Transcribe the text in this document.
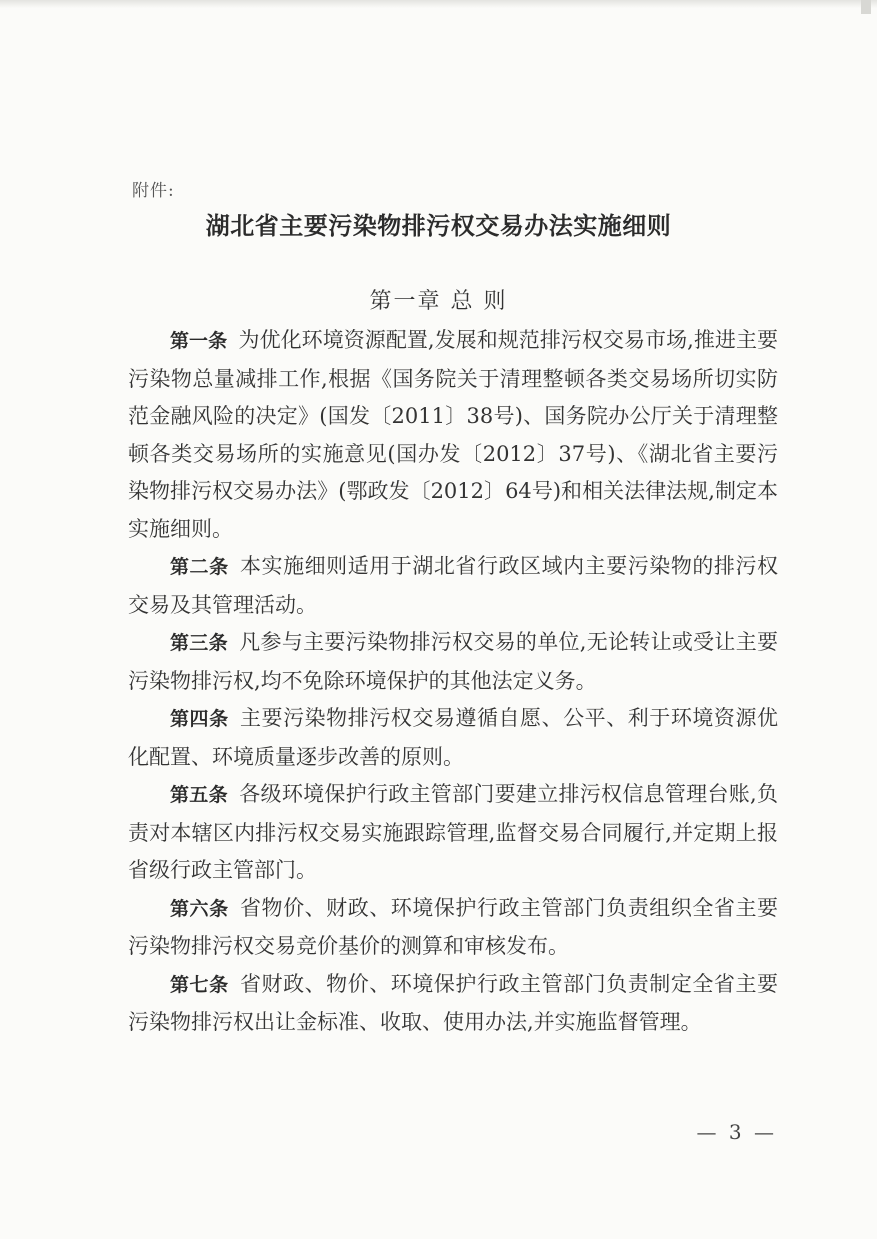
附件:
湖北省主要污染物排污权交易办法实施细则
第一章 总 则

第一条 为优化环境资源配置,发展和规范排污权交易市场,推进主要污染物总量减排工作,根据《国务院关于清理整顿各类交易场所切实防范金融风险的决定》(国发〔2011〕38号)、国务院办公厅关于清理整顿各类交易场所的实施意见(国办发〔2012〕37号)、《湖北省主要污染物排污权交易办法》(鄂政发〔2012〕64号)和相关法律法规,制定本实施细则。

第二条 本实施细则适用于湖北省行政区域内主要污染物的排污权交易及其管理活动。

第三条 凡参与主要污染物排污权交易的单位,无论转让或受让主要污染物排污权,均不免除环境保护的其他法定义务。

第四条 主要污染物排污权交易遵循自愿、公平、利于环境资源优化配置、环境质量逐步改善的原则。

第五条 各级环境保护行政主管部门要建立排污权信息管理台账,负责对本辖区内排污权交易实施跟踪管理,监督交易合同履行,并定期上报省级行政主管部门。

第六条 省物价、财政、环境保护行政主管部门负责组织全省主要污染物排污权交易竞价基价的测算和审核发布。

第七条 省财政、物价、环境保护行政主管部门负责制定全省主要污染物排污权出让金标准、收取、使用办法,并实施监督管理。

— 3 —
